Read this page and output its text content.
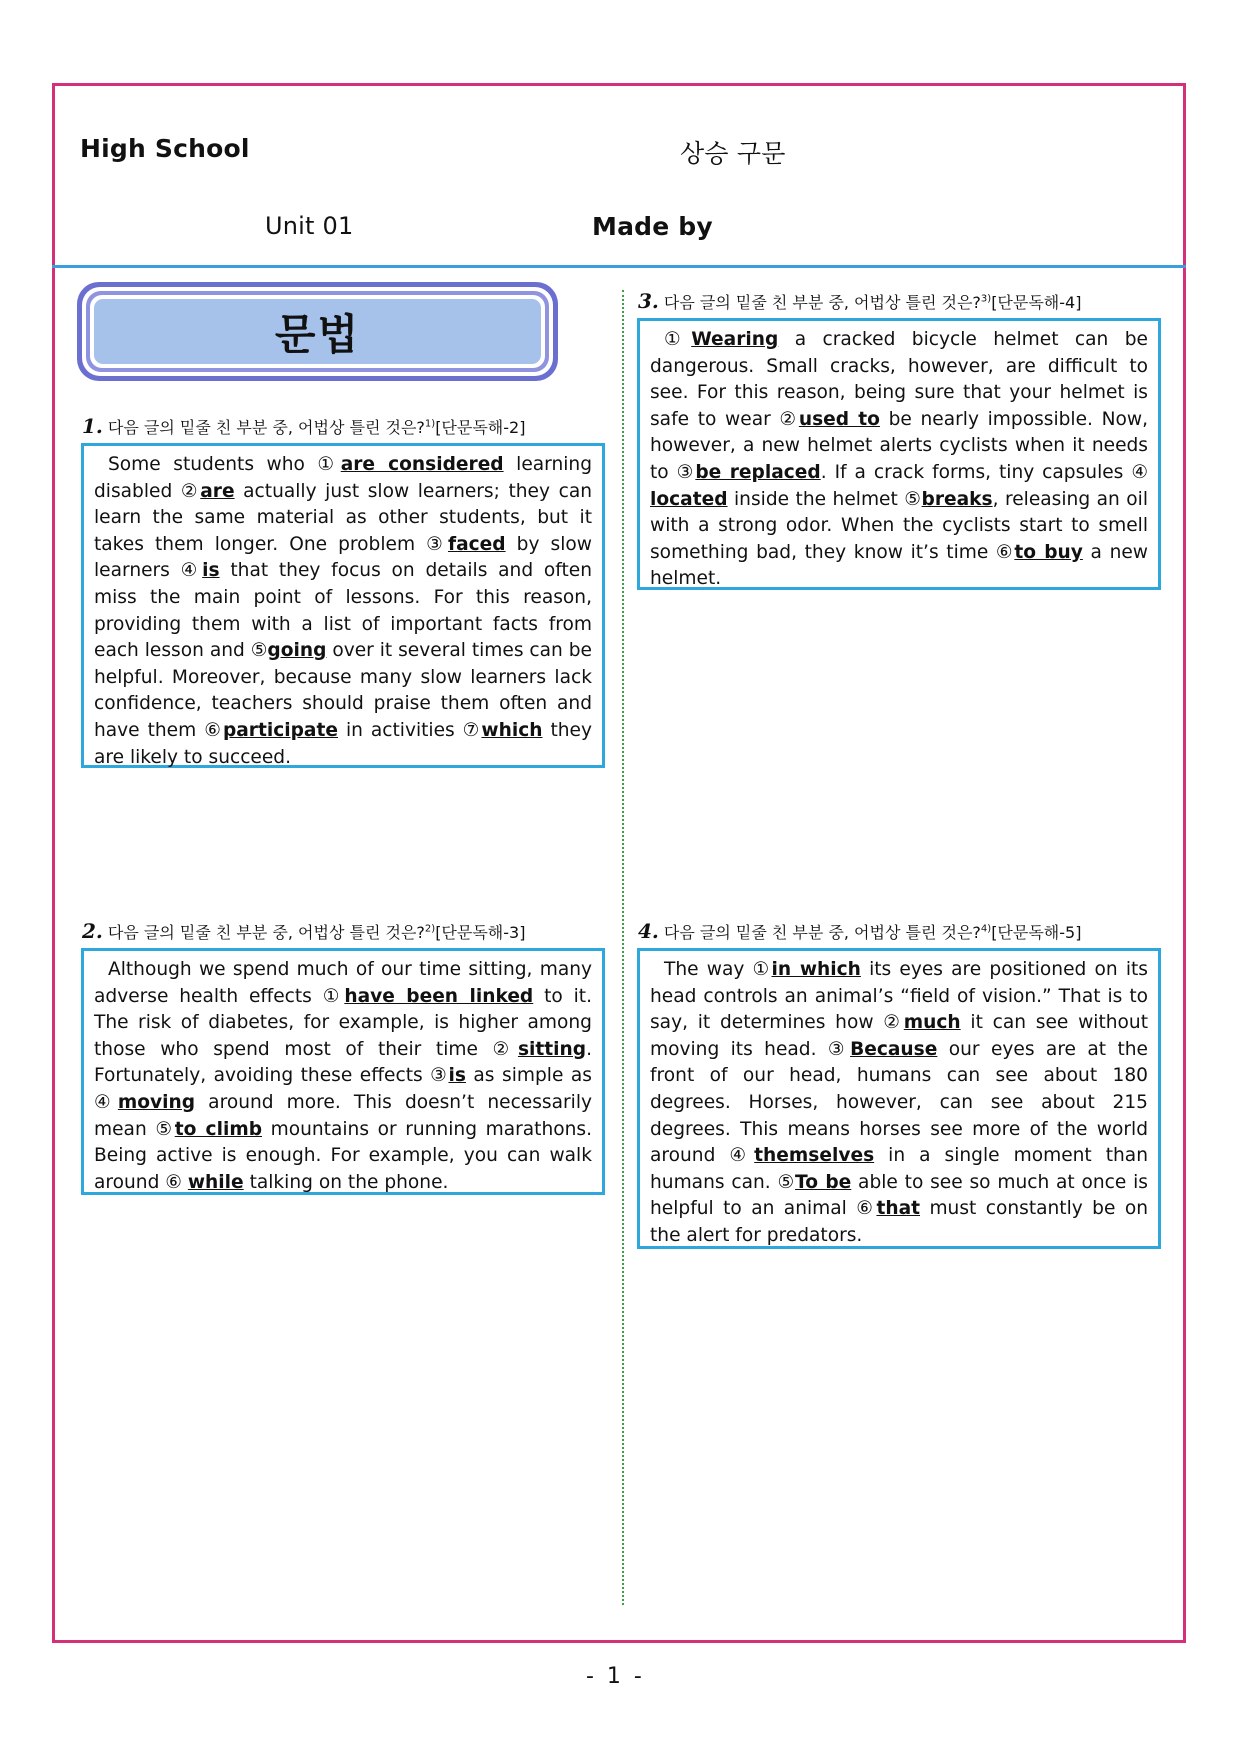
High School	상승 구문
Unit 01	Made by
문법
1. 다음 글의 밑줄 친 부분 중, 어법상 틀린 것은?$^{1)}$[단문독해-2]
Some students who ①are considered learning disabled ②are actually just slow learners; they can learn the same material as other students, but it takes them longer. One problem ③faced by slow learners ④is that they focus on details and often miss the main point of lessons. For this reason, providing them with a list of important facts from each lesson and ⑤going over it several times can be helpful. Moreover, because many slow learners lack confidence, teachers should praise them often and have them ⑥participate in activities ⑦which they are likely to succeed.
2. 다음 글의 밑줄 친 부분 중, 어법상 틀린 것은?$^{2)}$[단문독해-3]
Although we spend much of our time sitting, many adverse health effects ①have been linked to it. The risk of diabetes, for example, is higher among those who spend most of their time ②sitting. Fortunately, avoiding these effects ③is as simple as ④moving around more. This doesn’t necessarily mean ⑤to climb mountains or running marathons. Being active is enough. For example, you can walk around ⑥ while talking on the phone.
3. 다음 글의 밑줄 친 부분 중, 어법상 틀린 것은?$^{3)}$[단문독해-4]
①Wearing a cracked bicycle helmet can be dangerous. Small cracks, however, are difficult to see. For this reason, being sure that your helmet is safe to wear ②used to be nearly impossible. Now, however, a new helmet alerts cyclists when it needs to ③be replaced. If a crack forms, tiny capsules ④ located inside the helmet ⑤breaks, releasing an oil with a strong odor. When the cyclists start to smell something bad, they know it’s time ⑥to buy a new helmet.
4. 다음 글의 밑줄 친 부분 중, 어법상 틀린 것은?$^{4)}$[단문독해-5]
The way ①in which its eyes are positioned on its head controls an animal’s “field of vision.” That is to say, it determines how ②much it can see without moving its head. ③Because our eyes are at the front of our head, humans can see about 180 degrees. Horses, however, can see about 215 degrees. This means horses see more of the world around ④themselves in a single moment than humans can. ⑤To be able to see so much at once is helpful to an animal ⑥that must constantly be on the alert for predators.
- 1 -
